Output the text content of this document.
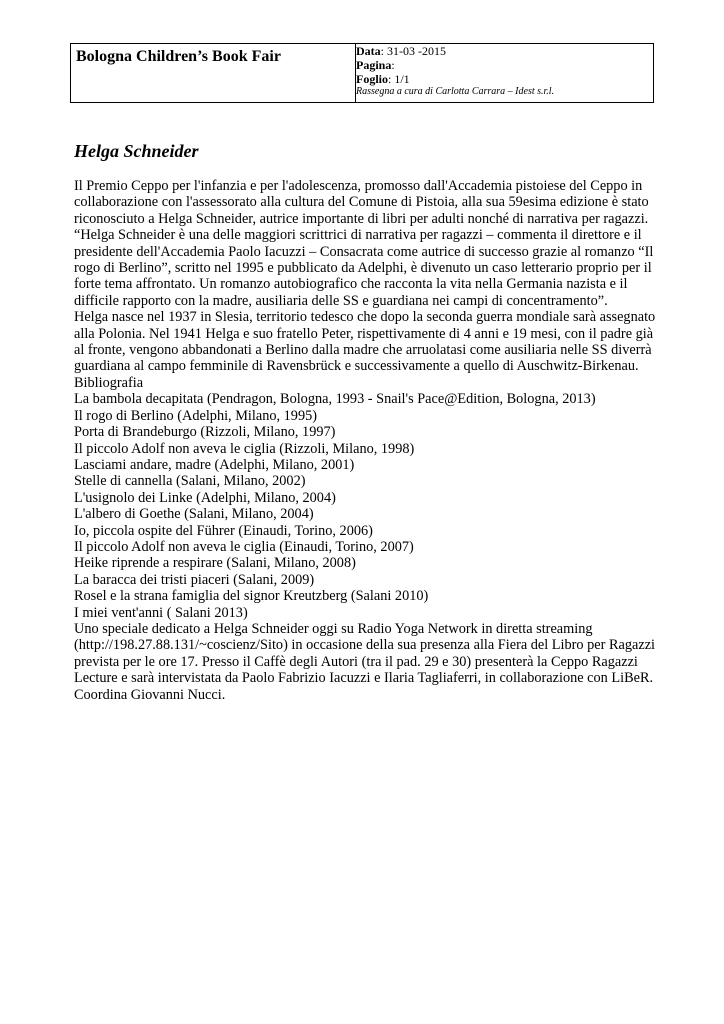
Bologna Children’s Book Fair	Data: 31-03 -2015
Pagina:
Foglio: 1/1
Rassegna a cura di Carlotta Carrara – Idest s.r.l.
Helga Schneider

Il Premio Ceppo per l'infanzia e per l'adolescenza, promosso dall'Accademia pistoiese del Ceppo in collaborazione con l'assessorato alla cultura del Comune di Pistoia, alla sua 59esima edizione è stato riconosciuto a Helga Schneider, autrice importante di libri per adulti nonché di narrativa per ragazzi.

“Helga Schneider è una delle maggiori scrittrici di narrativa per ragazzi – commenta il direttore e il presidente dell'Accademia Paolo Iacuzzi – Consacrata come autrice di successo grazie al romanzo “Il rogo di Berlino”, scritto nel 1995 e pubblicato da Adelphi, è divenuto un caso letterario proprio per il forte tema affrontato. Un romanzo autobiografico che racconta la vita nella Germania nazista e il difficile rapporto con la madre, ausiliaria delle SS e guardiana nei campi di concentramento”.

Helga nasce nel 1937 in Slesia, territorio tedesco che dopo la seconda guerra mondiale sarà assegnato alla Polonia. Nel 1941 Helga e suo fratello Peter, rispettivamente di 4 anni e 19 mesi, con il padre già al fronte, vengono abbandonati a Berlino dalla madre che arruolatasi come ausiliaria nelle SS diverrà guardiana al campo femminile di Ravensbrück e successivamente a quello di Auschwitz-Birkenau.

Bibliografia
La bambola decapitata (Pendragon, Bologna, 1993 - Snail's Pace@Edition, Bologna, 2013)
Il rogo di Berlino (Adelphi, Milano, 1995)
Porta di Brandeburgo (Rizzoli, Milano, 1997)
Il piccolo Adolf non aveva le ciglia (Rizzoli, Milano, 1998)
Lasciami andare, madre (Adelphi, Milano, 2001)
Stelle di cannella (Salani, Milano, 2002)
L'usignolo dei Linke (Adelphi, Milano, 2004)
L'albero di Goethe (Salani, Milano, 2004)
Io, piccola ospite del Führer (Einaudi, Torino, 2006)
Il piccolo Adolf non aveva le ciglia (Einaudi, Torino, 2007)
Heike riprende a respirare (Salani, Milano, 2008)
La baracca dei tristi piaceri (Salani, 2009)
Rosel e la strana famiglia del signor Kreutzberg (Salani 2010)
I miei vent'anni ( Salani 2013)

Uno speciale dedicato a Helga Schneider oggi su Radio Yoga Network in diretta streaming (http://198.27.88.131/~coscienz/Sito) in occasione della sua presenza alla Fiera del Libro per Ragazzi prevista per le ore 17. Presso il Caffè degli Autori (tra il pad. 29 e 30) presenterà la Ceppo Ragazzi Lecture e sarà intervistata da Paolo Fabrizio Iacuzzi e Ilaria Tagliaferri, in collaborazione con LiBeR. Coordina Giovanni Nucci.
